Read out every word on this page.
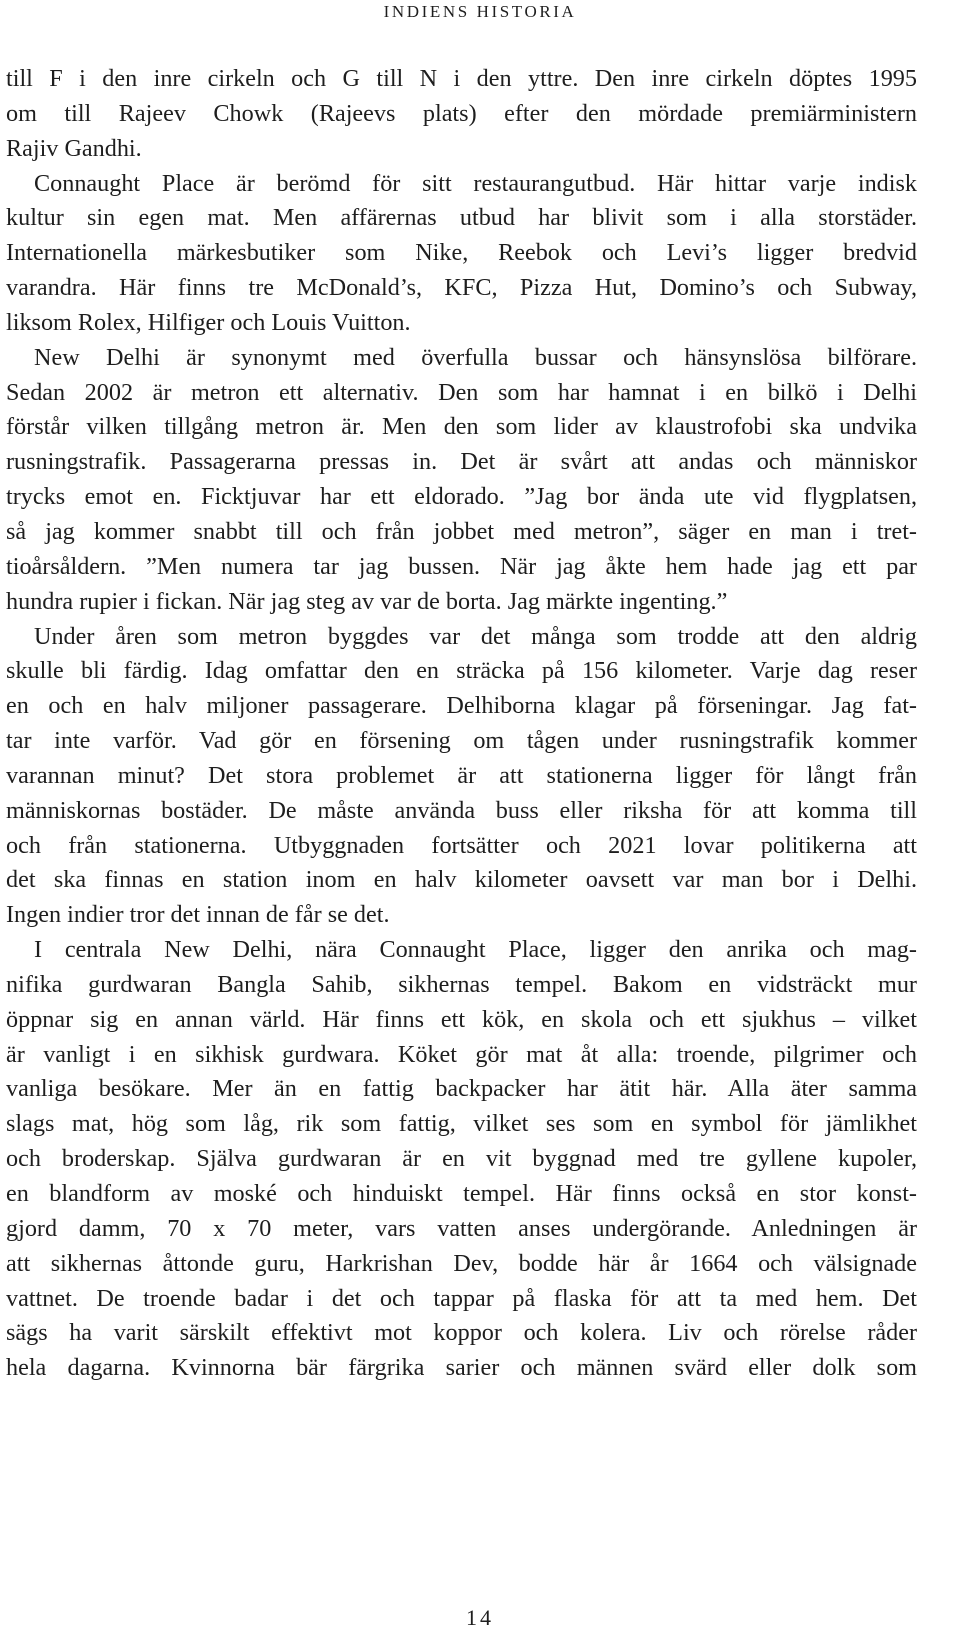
INDIENS HISTORIA
till F i den inre cirkeln och G till N i den yttre. Den inre cirkeln döptes 1995
om till Rajeev Chowk (Rajeevs plats) efter den mördade premiärministern
Rajiv Gandhi.
Connaught Place är berömd för sitt restaurangutbud. Här hittar varje indisk
kultur sin egen mat. Men affärernas utbud har blivit som i alla storstäder.
Internationella märkesbutiker som Nike, Reebok och Levi’s ligger bredvid
varandra. Här finns tre McDonald’s, KFC, Pizza Hut, Domino’s och Subway,
liksom Rolex, Hilfiger och Louis Vuitton.
New Delhi är synonymt med överfulla bussar och hänsynslösa bilförare.
Sedan 2002 är metron ett alternativ. Den som har hamnat i en bilkö i Delhi
förstår vilken tillgång metron är. Men den som lider av klaustrofobi ska undvika
rusningstrafik. Passagerarna pressas in. Det är svårt att andas och människor
trycks emot en. Ficktjuvar har ett eldorado. ”Jag bor ända ute vid flygplatsen,
så jag kommer snabbt till och från jobbet med metron”, säger en man i tret-
tioårsåldern. ”Men numera tar jag bussen. När jag åkte hem hade jag ett par
hundra rupier i fickan. När jag steg av var de borta. Jag märkte ingenting.”
Under åren som metron byggdes var det många som trodde att den aldrig
skulle bli färdig. Idag omfattar den en sträcka på 156 kilometer. Varje dag reser
en och en halv miljoner passagerare. Delhiborna klagar på förseningar. Jag fat-
tar inte varför. Vad gör en försening om tågen under rusningstrafik kommer
varannan minut? Det stora problemet är att stationerna ligger för långt från
människornas bostäder. De måste använda buss eller riksha för att komma till
och från stationerna. Utbyggnaden fortsätter och 2021 lovar politikerna att
det ska finnas en station inom en halv kilometer oavsett var man bor i Delhi.
Ingen indier tror det innan de får se det.
I centrala New Delhi, nära Connaught Place, ligger den anrika och mag-
nifika gurdwaran Bangla Sahib, sikhernas tempel. Bakom en vidsträckt mur
öppnar sig en annan värld. Här finns ett kök, en skola och ett sjukhus – vilket
är vanligt i en sikhisk gurdwara. Köket gör mat åt alla: troende, pilgrimer och
vanliga besökare. Mer än en fattig backpacker har ätit här. Alla äter samma
slags mat, hög som låg, rik som fattig, vilket ses som en symbol för jämlikhet
och broderskap. Själva gurdwaran är en vit byggnad med tre gyllene kupoler,
en blandform av moské och hinduiskt tempel. Här finns också en stor konst-
gjord damm, 70 x 70 meter, vars vatten anses undergörande. Anledningen är
att sikhernas åttonde guru, Harkrishan Dev, bodde här år 1664 och välsignade
vattnet. De troende badar i det och tappar på flaska för att ta med hem. Det
sägs ha varit särskilt effektivt mot koppor och kolera. Liv och rörelse råder
hela dagarna. Kvinnorna bär färgrika sarier och männen svärd eller dolk som
14
